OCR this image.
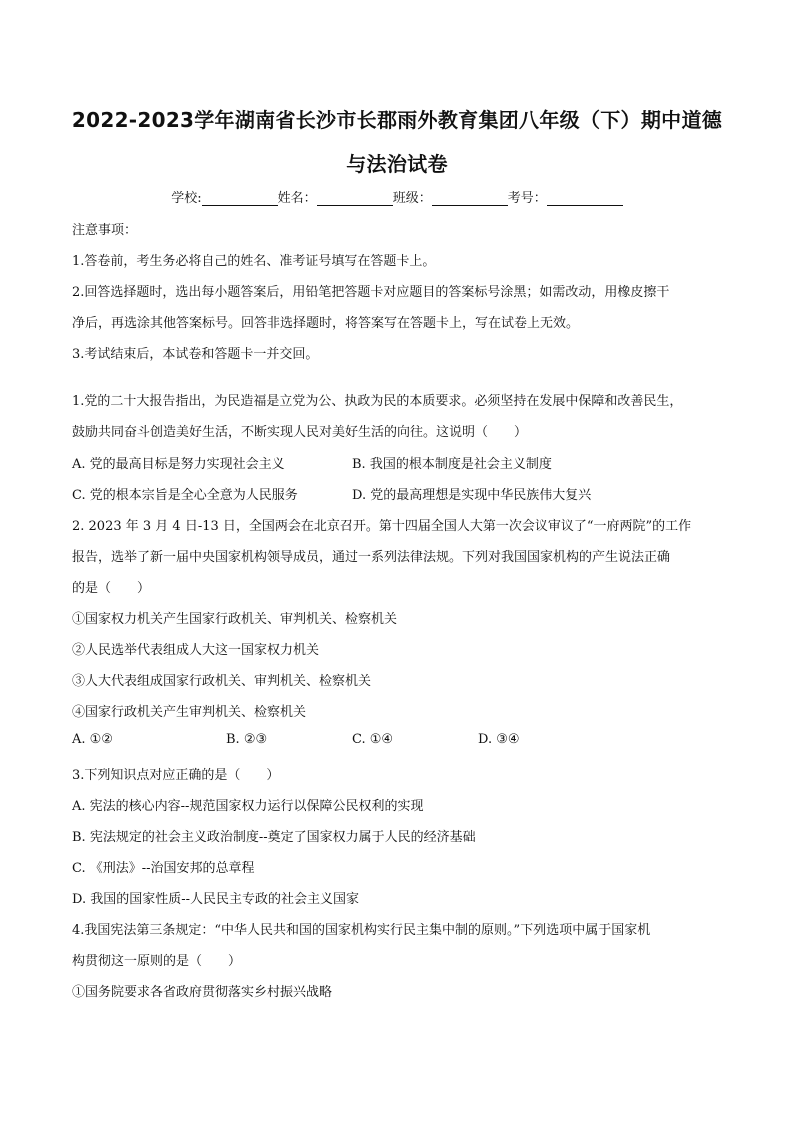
2022-2023学年湖南省长沙市长郡雨外教育集团八年级（下）期中道德
与法治试卷
学校:	姓名：	班级：	考号：

注意事项：

1.答卷前，考生务必将自己的姓名、准考证号填写在答题卡上。

2.回答选择题时，选出每小题答案后，用铅笔把答题卡对应题目的答案标号涂黑；如需改动，用橡皮擦干

净后，再选涂其他答案标号。回答非选择题时，将答案写在答题卡上，写在试卷上无效。

3.考试结束后，本试卷和答题卡一并交回。

1.党的二十大报告指出，为民造福是立党为公、执政为民的本质要求。必须坚持在发展中保障和改善民生，

鼓励共同奋斗创造美好生活，不断实现人民对美好生活的向往。这说明（　　）

A. 党的最高目标是努力实现社会主义	B. 我国的根本制度是社会主义制度
C. 党的根本宗旨是全心全意为人民服务	D. 党的最高理想是实现中华民族伟大复兴

2. 2023 年 3 月 4 日-13 日，全国两会在北京召开。第十四届全国人大第一次会议审议了“一府两院”的工作

报告，选举了新一届中央国家机构领导成员，通过一系列法律法规。下列对我国国家机构的产生说法正确

的是（　　）

①国家权力机关产生国家行政机关、审判机关、检察机关

②人民选举代表组成人大这一国家权力机关

③人大代表组成国家行政机关、审判机关、检察机关

④国家行政机关产生审判机关、检察机关

A. ①②	B. ②③	C. ①④	D. ③④

3.下列知识点对应正确的是（　　）

A. 宪法的核心内容--规范国家权力运行以保障公民权利的实现

B. 宪法规定的社会主义政治制度--奠定了国家权力属于人民的经济基础

C. 《刑法》--治国安邦的总章程

D. 我国的国家性质--人民民主专政的社会主义国家

4.我国宪法第三条规定：“中华人民共和国的国家机构实行民主集中制的原则。”下列选项中属于国家机

构贯彻这一原则的是（　　）

①国务院要求各省政府贯彻落实乡村振兴战略
